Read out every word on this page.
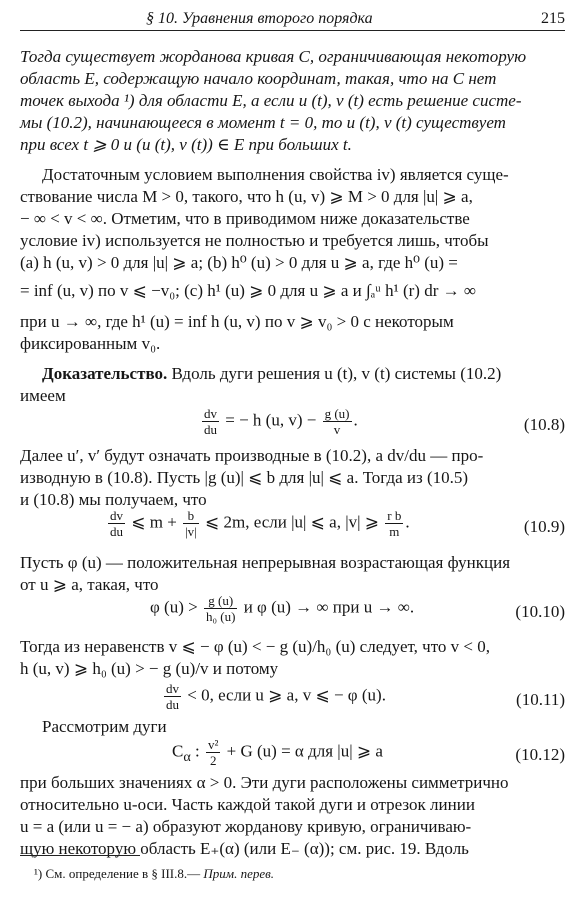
§ 10. Уравнения второго порядка	215
Тогда существует жорданова кривая C, ограничивающая некоторую
область E, содержащую начало координат, такая, что на C нет
точек выхода ¹) для области E, а если u (t), v (t) есть решение систе-
мы (10.2), начинающееся в момент t = 0, то u (t), v (t) существует
при всех t ⩾ 0 и (u (t), v (t)) ∈ E при больших t.
Достаточным условием выполнения свойства iv) является суще-
ствование числа M > 0, такого, что h (u, v) ⩾ M > 0 для |u| ⩾ a,
− ∞ < v < ∞. Отметим, что в приводимом ниже доказательстве
условие iv) используется не полностью и требуется лишь, чтобы
(a) h (u, v) > 0 для |u| ⩾ a; (b) h⁰ (u) > 0 для u ⩾ a, где h⁰ (u) =
= inf (u, v) по v ⩽ −v₀; (c) h¹ (u) ⩾ 0 для u ⩾ a и ∫ₐᵘ h¹ (r) dr → ∞
при u → ∞, где h¹ (u) = inf h (u, v) по v ⩾ v₀ > 0 с некоторым
фиксированным v₀.
Доказательство. Вдоль дуги решения u (t), v (t) системы (10.2)
имеем
$\frac{dv}{du}$ = − h (u, $v) - \frac{g (u)}{v}$ .	(10.8)
Далее u′, v′ будут означать производные в (10.2), а dv/du — про-
изводную в (10.8). Пусть |g (u)| ⩽ b для |u| ⩽ a. Тогда из (10.5)
и (10.8) мы получаем, что
$\frac{dv}{du}$ ⩽ $m + \frac{b}{|v|}$ ⩽ 2m, если |u| ⩽ a, |v| ⩾ $\frac{\text{r b}}{m}$ .	(10.9)
Пусть φ (u) — положительная непрерывная возрастающая функция
от u ⩾ a, такая, что
φ $(u) > \frac{g (u)}{\text{h₀ (u)}}$ и φ (u) → ∞ при u → ∞.	(10.10)
Тогда из неравенств v ⩽ − φ (u) < − g (u)/h₀ (u) следует, что v < 0,
h (u, v) ⩾ h₀ (u) > − g (u)/v и потому
$\frac{dv}{du} < 0$, если u ⩾ a, v ⩽ − φ (u).	(10.11)
Рассмотрим дуги
$C_\alpha$ : $\frac{\text{v²}}{2} + G$ (u) = α для |u| ⩾ a	(10.12)
при больших значениях α > 0. Эти дуги расположены симметрично
относительно u-оси. Часть каждой такой дуги и отрезок линии
u = a (или u = − a) образуют жорданову кривую, ограничиваю-
щую некоторую область E₊(α) (или E₋ (α)); см. рис. 19. Вдоль
¹) См. определение в § III.8.— Прим. перев.
